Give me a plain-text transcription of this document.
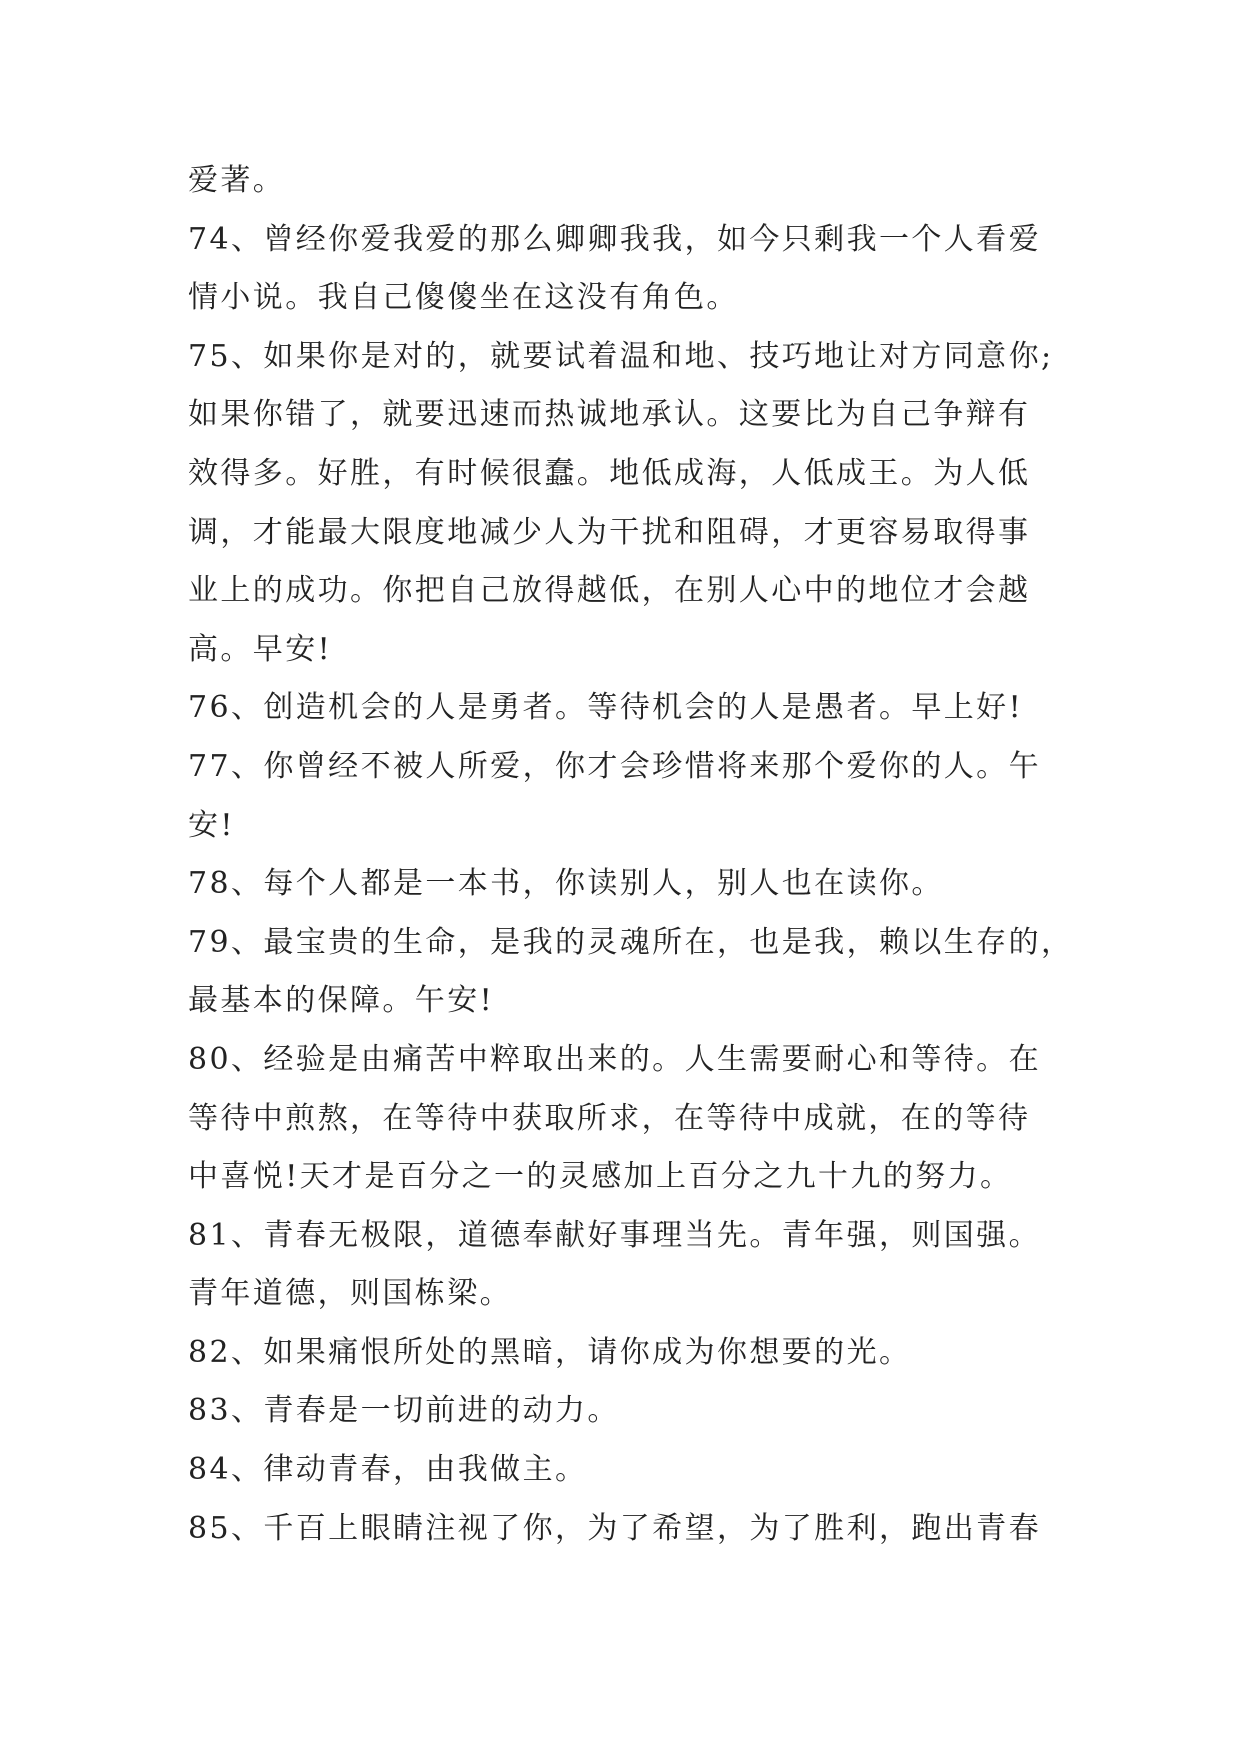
爱著。
74、曾经你爱我爱的那么卿卿我我，如今只剩我一个人看爱
情小说。我自己傻傻坐在这没有角色。
75、如果你是对的，就要试着温和地、技巧地让对方同意你;
如果你错了，就要迅速而热诚地承认。这要比为自己争辩有
效得多。好胜，有时候很蠢。地低成海，人低成王。为人低
调，才能最大限度地减少人为干扰和阻碍，才更容易取得事
业上的成功。你把自己放得越低，在别人心中的地位才会越
高。早安!
76、创造机会的人是勇者。等待机会的人是愚者。早上好!
77、你曾经不被人所爱，你才会珍惜将来那个爱你的人。午
安!
78、每个人都是一本书，你读别人，别人也在读你。
79、最宝贵的生命，是我的灵魂所在，也是我，赖以生存的，
最基本的保障。午安!
80、经验是由痛苦中粹取出来的。人生需要耐心和等待。在
等待中煎熬，在等待中获取所求，在等待中成就，在的等待
中喜悦!天才是百分之一的灵感加上百分之九十九的努力。
81、青春无极限，道德奉献好事理当先。青年强，则国强。
青年道德，则国栋梁。
82、如果痛恨所处的黑暗，请你成为你想要的光。
83、青春是一切前进的动力。
84、律动青春，由我做主。
85、千百上眼睛注视了你，为了希望，为了胜利，跑出青春
